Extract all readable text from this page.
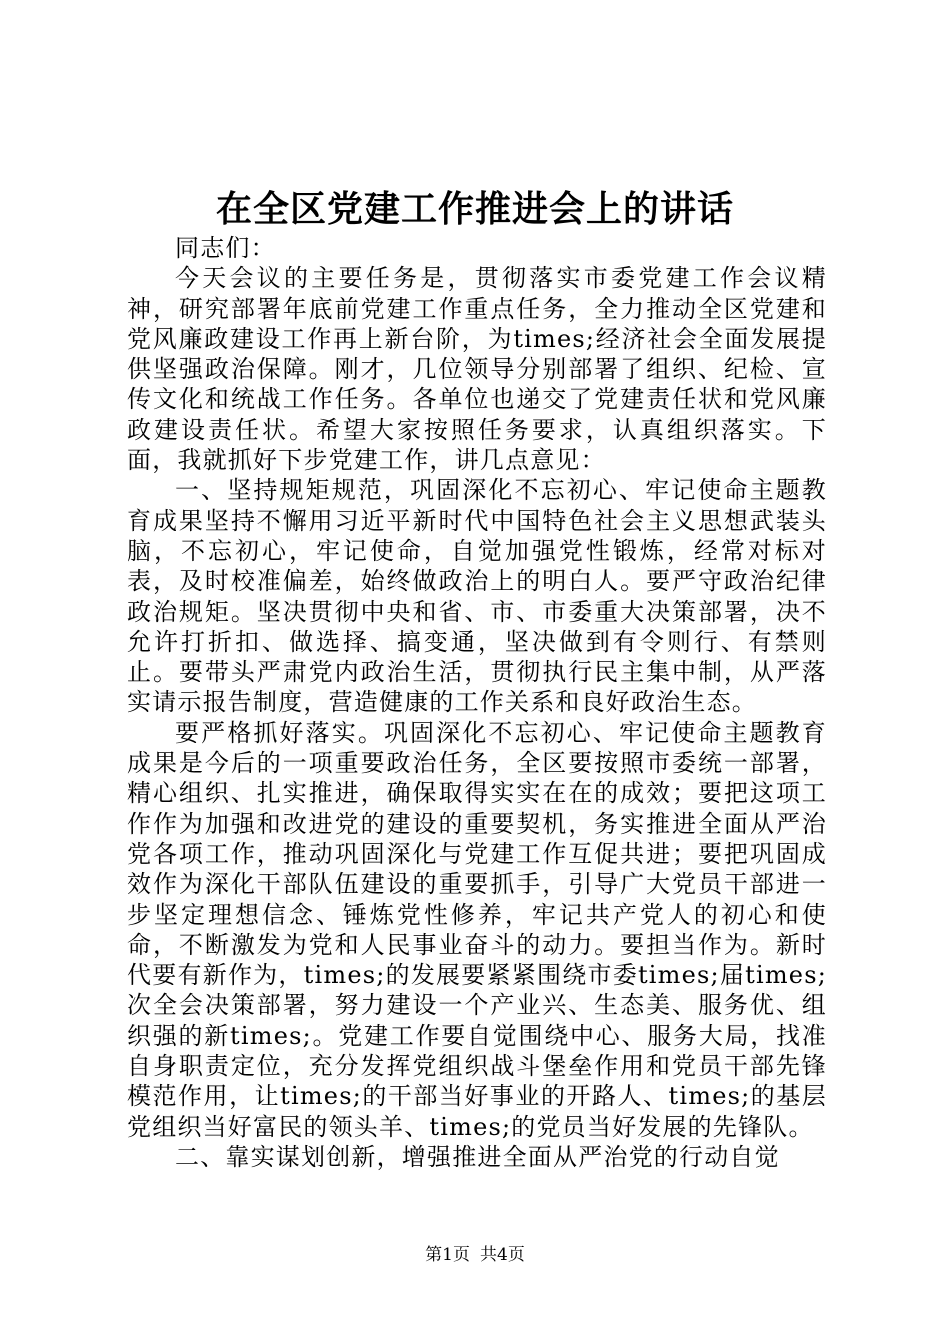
在全区党建工作推进会上的讲话

同志们：

今天会议的主要任务是，贯彻落实市委党建工作会议精神，研究部署年底前党建工作重点任务，全力推动全区党建和党风廉政建设工作再上新台阶，为times;经济社会全面发展提供坚强政治保障。刚才，几位领导分别部署了组织、纪检、宣传文化和统战工作任务。各单位也递交了党建责任状和党风廉政建设责任状。希望大家按照任务要求，认真组织落实。下面，我就抓好下步党建工作，讲几点意见：

一、坚持规矩规范，巩固深化不忘初心、牢记使命主题教育成果坚持不懈用习近平新时代中国特色社会主义思想武装头脑，不忘初心，牢记使命，自觉加强党性锻炼，经常对标对表，及时校准偏差，始终做政治上的明白人。要严守政治纪律政治规矩。坚决贯彻中央和省、市、市委重大决策部署，决不允许打折扣、做选择、搞变通，坚决做到有令则行、有禁则止。要带头严肃党内政治生活，贯彻执行民主集中制，从严落实请示报告制度，营造健康的工作关系和良好政治生态。

要严格抓好落实。巩固深化不忘初心、牢记使命主题教育成果是今后的一项重要政治任务，全区要按照市委统一部署，精心组织、扎实推进，确保取得实实在在的成效；要把这项工作作为加强和改进党的建设的重要契机，务实推进全面从严治党各项工作，推动巩固深化与党建工作互促共进；要把巩固成效作为深化干部队伍建设的重要抓手，引导广大党员干部进一步坚定理想信念、锤炼党性修养，牢记共产党人的初心和使命，不断激发为党和人民事业奋斗的动力。要担当作为。新时代要有新作为，times;的发展要紧紧围绕市委times;届times;次全会决策部署，努力建设一个产业兴、生态美、服务优、组织强的新times;。党建工作要自觉围绕中心、服务大局，找准自身职责定位，充分发挥党组织战斗堡垒作用和党员干部先锋模范作用，让times;的干部当好事业的开路人、times;的基层党组织当好富民的领头羊、times;的党员当好发展的先锋队。

二、靠实谋划创新，增强推进全面从严治党的行动自觉

第1页 共4页
